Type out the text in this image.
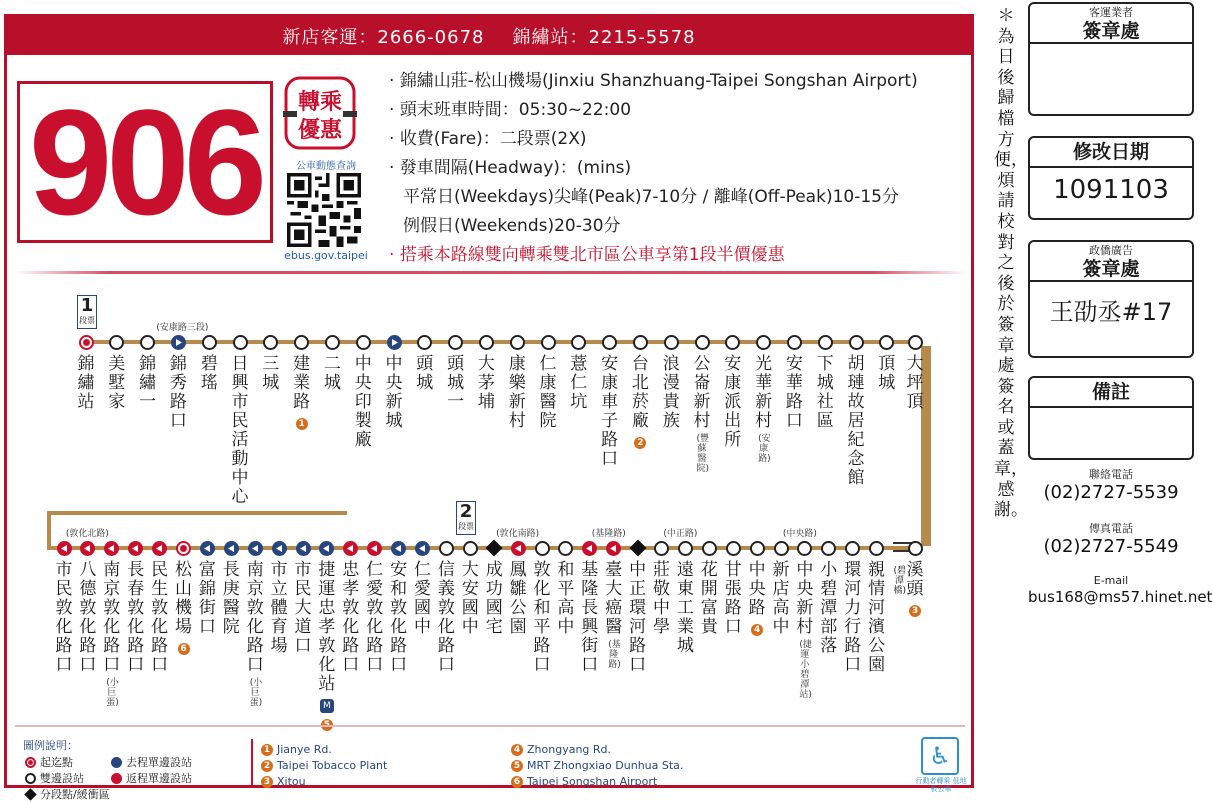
新店客運：2666-0678 錦繡站：2215-5578
906 轉乘
優惠
公車動態查詢
ebus.gov.taipei
· 錦繡山莊-松山機場(Jinxiu Shanzhuang-Taipei Songshan Airport)
· 頭末班車時間：05:30~22:00
· 收費(Fare)：二段票(2X)
· 發車間隔(Headway)：(mins)
平常日(Weekdays)尖峰(Peak)7-10分 / 離峰(Off-Peak)10-15分
例假日(Weekends)20-30分
· 搭乘本路線雙向轉乘雙北市區公車享第1段半價優惠
1
段票
2
段票
錦繡站
美墅家
錦繡一
錦秀路口
(安康路三段)
碧瑤
日興市民活動中心
三城
建業路1
二城
中央印製廠
中央新城
頭城
頭城一
大茅埔
康樂新村
仁康醫院
薏仁坑
安康車子路口
台北菸廠2
浪漫貴族
公崙新村
(豐蘇醫院)
安康派出所
光華新村
(安康路)
安華路口
下城社區
胡璉故居紀念館
頂城
大坪頂
市民敦化路口
八德敦化路口
(敦化北路)
南京敦化路口
(小巨蛋)
長春敦化路口
民生敦化路口
松山機場6
富錦街口
長庚醫院
南京敦化路口
(小巨蛋)
市立體育場
市民大道口
捷運忠孝敦化站M5
忠孝敦化路口
仁愛敦化路口
安和敦化路口
仁愛國中
信義敦化路口
大安國中
成功國宅
鳳雛公園
(敦化南路)
敦化和平路口
和平高中
基隆長興街口
臺大癌醫
(基隆路)
(基隆路)
中正環河路口
莊敬中學
遠東工業城
(中正路)
花開富貴
甘張路口
中央路4
新店高中
中央新村
(捷運小碧潭站)
(中央路)
小碧潭部落
環河力行路口
親情河濱公園
(碧潭橋)
溪頭3
圖例說明：
起迄點
雙邊設站
分段點/緩衝區
去程單邊設站
返程單邊設站
1 Jianye Rd.
2 Taipei Tobacco Plant
3 Xitou
4 Zhongyang Rd.
5 MRT Zhongxiao Dunhua Sta.
6 Taipei Songshan Airport
♿
行動者轉乘 低地板公車
＊為日後歸檔方便，煩請校對之後於簽章處簽名或蓋章，感謝。
客運業者
簽章處
修改日期
1091103
政僑廣告
簽章處
王劭丞#17
備註
聯絡電話
(02)2727-5539
傳真電話
(02)2727-5549
E-mail
bus168@ms57.hinet.net
